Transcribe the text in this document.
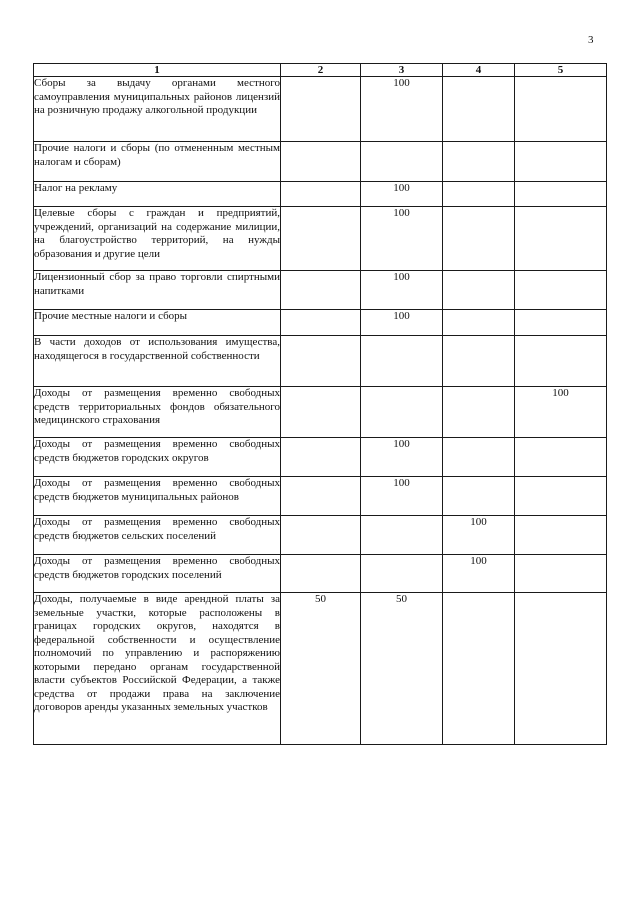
3
1	2	3	4	5
Сборы за выдачу органами местного самоуправления муниципальных районов лицензий на розничную продажу алкогольной продукции		100		
Прочие налоги и сборы (по отмененным местным налогам и сборам)				
Налог на рекламу		100		
Целевые сборы с граждан и предприятий, учреждений, организаций на содержание милиции, на благоустройство территорий, на нужды образования и другие цели		100		
Лицензионный сбор за право торговли спиртными напитками		100		
Прочие местные налоги и сборы		100		
В части доходов от использования имущества, находящегося в государственной собственности				
Доходы от размещения временно свободных средств территориальных фондов обязательного медицинского страхования				100
Доходы от размещения временно свободных средств бюджетов городских округов		100		
Доходы от размещения временно свободных средств бюджетов муниципальных районов		100		
Доходы от размещения временно свободных средств бюджетов сельских поселений			100	
Доходы от размещения временно свободных средств бюджетов городских поселений			100	
Доходы, получаемые в виде арендной платы за земельные участки, которые расположены в границах городских округов, находятся в федеральной собственности и осуществление полномочий по управлению и распоряжению которыми передано органам государственной власти субъектов Российской Федерации, а также средства от продажи права на заключение договоров аренды указанных земельных участков	50	50		
